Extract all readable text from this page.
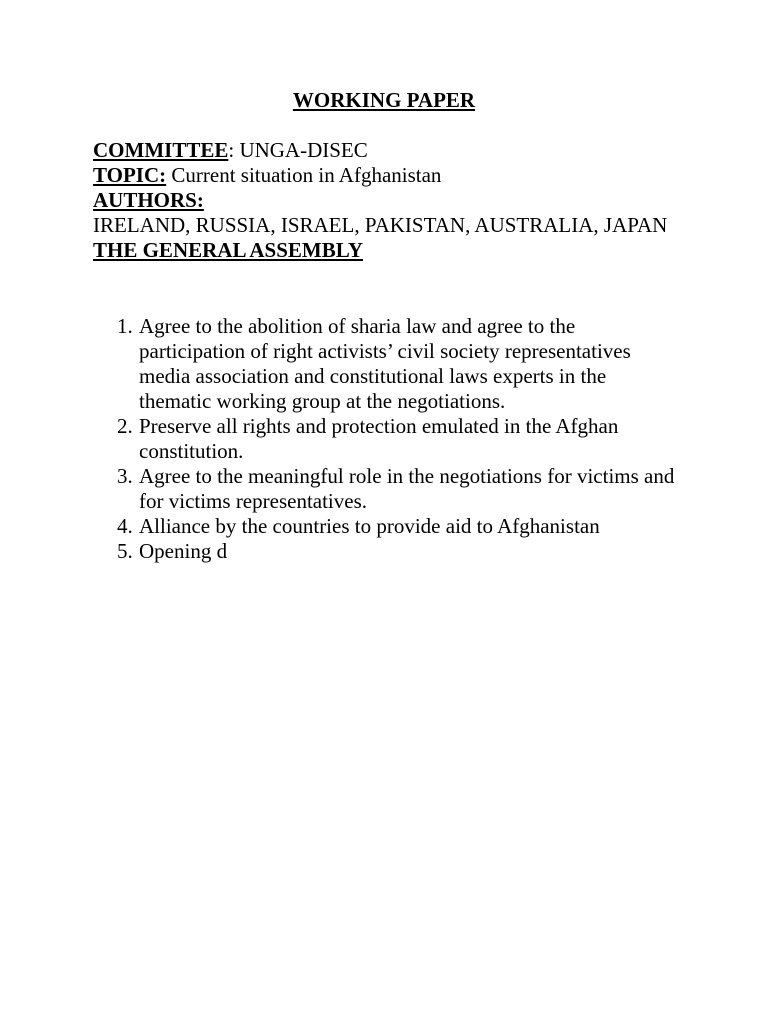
WORKING PAPER
COMMITTEE: UNGA-DISEC
TOPIC: Current situation in Afghanistan
AUTHORS:
IRELAND, RUSSIA, ISRAEL, PAKISTAN, AUSTRALIA, JAPAN
THE GENERAL ASSEMBLY
1. Agree to the abolition of sharia law and agree to the participation of right activists’ civil society representatives media association and constitutional laws experts in the thematic working group at the negotiations.
2. Preserve all rights and protection emulated in the Afghan constitution.
3. Agree to the meaningful role in the negotiations for victims and for victims representatives.
4. Alliance by the countries to provide aid to Afghanistan
5. Opening d
